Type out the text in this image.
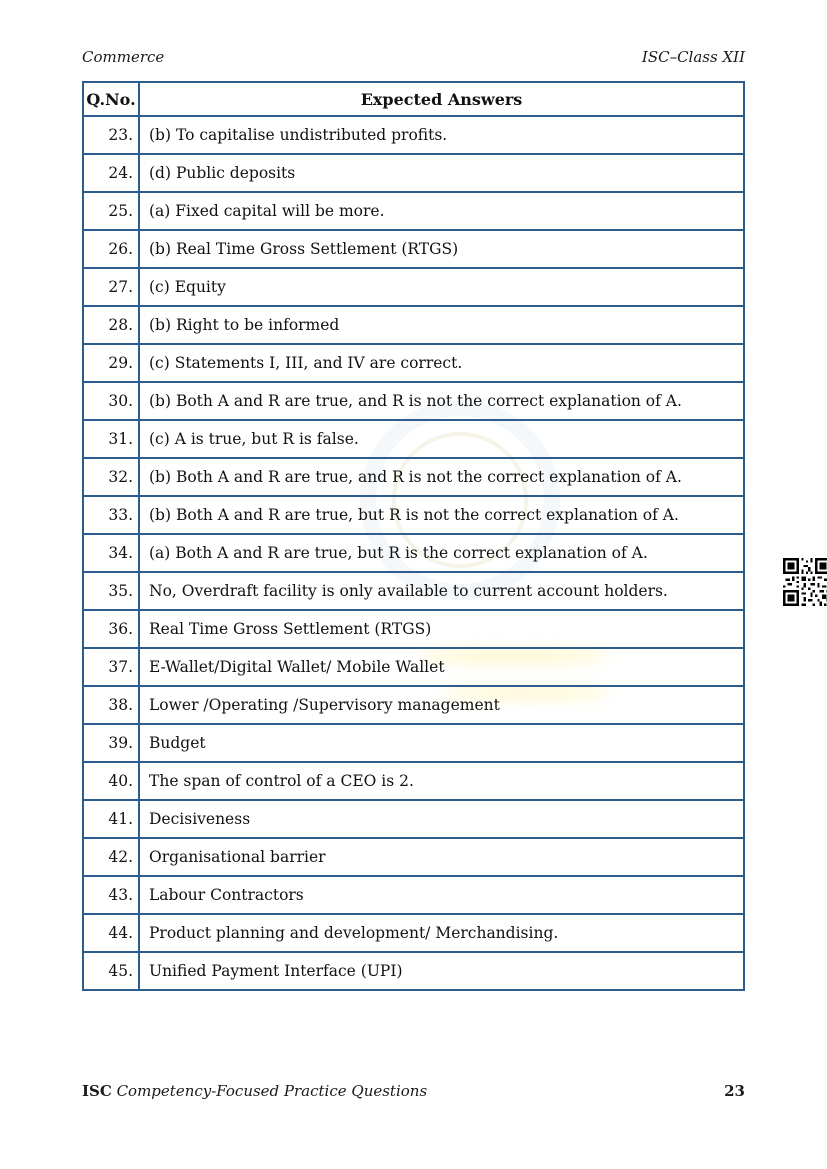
Commerce	ISC–Class XII
Q.No.	Expected Answers
23.	(b) To capitalise undistributed profits.
24.	(d) Public deposits
25.	(a) Fixed capital will be more.
26.	(b) Real Time Gross Settlement (RTGS)
27.	(c) Equity
28.	(b) Right to be informed
29.	(c) Statements I, III, and IV are correct.
30.	(b) Both A and R are true, and R is not the correct explanation of A.
31.	(c) A is true, but R is false.
32.	(b) Both A and R are true, and R is not the correct explanation of A.
33.	(b) Both A and R are true, but R is not the correct explanation of A.
34.	(a) Both A and R are true, but R is the correct explanation of A.
35.	No, Overdraft facility is only available to current account holders.
36.	Real Time Gross Settlement (RTGS)
37.	E-Wallet/Digital Wallet/ Mobile Wallet
38.	Lower /Operating /Supervisory management
39.	Budget
40.	The span of control of a CEO is 2.
41.	Decisiveness
42.	Organisational barrier
43.	Labour Contractors
44.	Product planning and development/ Merchandising.
45.	Unified Payment Interface (UPI)
ISC Competency-Focused Practice Questions	23
